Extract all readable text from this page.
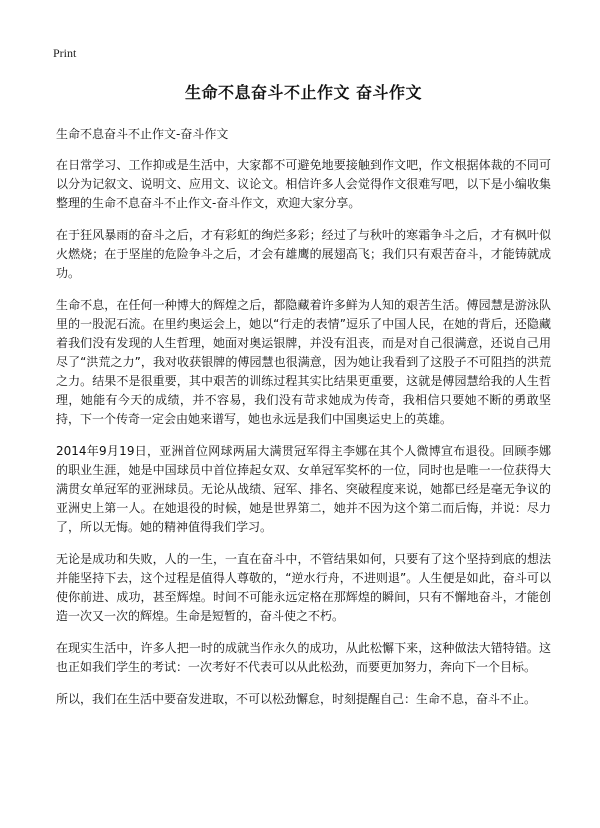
Print
生命不息奋斗不止作文 奋斗作文
生命不息奋斗不止作文-奋斗作文

在日常学习、工作抑或是生活中，大家都不可避免地要接触到作文吧，作文根据体裁的不同可以分为记叙文、说明文、应用文、议论文。相信许多人会觉得作文很难写吧，以下是小编收集整理的生命不息奋斗不止作文-奋斗作文，欢迎大家分享。

在于狂风暴雨的奋斗之后，才有彩虹的绚烂多彩；经过了与秋叶的寒霜争斗之后，才有枫叶似火燃烧；在于坚崖的危险争斗之后，才会有雄鹰的展翅高飞；我们只有艰苦奋斗，才能铸就成功。

生命不息，在任何一种博大的辉煌之后，都隐藏着许多鲜为人知的艰苦生活。傅园慧是游泳队里的一股泥石流。在里约奥运会上，她以“行走的表情”逗乐了中国人民，在她的背后，还隐藏着我们没有发现的人生哲理，她面对奥运银牌，并没有沮丧，而是对自己很满意，还说自己用尽了“洪荒之力”，我对收获银牌的傅园慧也很满意，因为她让我看到了这股子不可阻挡的洪荒之力。结果不是很重要，其中艰苦的训练过程其实比结果更重要，这就是傅园慧给我的人生哲理，她能有今天的成绩，并不容易，我们没有苛求她成为传奇，我相信只要她不断的勇敢坚持，下一个传奇一定会由她来谱写，她也永远是我们中国奥运史上的英雄。

2014年9月19日，亚洲首位网球两届大满贯冠军得主李娜在其个人微博宣布退役。回顾李娜的职业生涯，她是中国球员中首位捧起女双、女单冠军奖杯的一位，同时也是唯一一位获得大满贯女单冠军的亚洲球员。无论从战绩、冠军、排名、突破程度来说，她都已经是毫无争议的亚洲史上第一人。在她退役的时候，她是世界第二，她并不因为这个第二而后悔，并说：尽力了，所以无悔。她的精神值得我们学习。

无论是成功和失败，人的一生，一直在奋斗中，不管结果如何，只要有了这个坚持到底的想法并能坚持下去，这个过程是值得人尊敬的，“逆水行舟，不进则退”。人生便是如此，奋斗可以使你前进、成功，甚至辉煌。时间不可能永远定格在那辉煌的瞬间，只有不懈地奋斗，才能创造一次又一次的辉煌。生命是短暂的，奋斗使之不朽。

在现实生活中，许多人把一时的成就当作永久的成功，从此松懈下来，这种做法大错特错。这也正如我们学生的考试：一次考好不代表可以从此松劲，而要更加努力，奔向下一个目标。

所以，我们在生活中要奋发进取，不可以松劲懈怠，时刻提醒自己：生命不息，奋斗不止。
